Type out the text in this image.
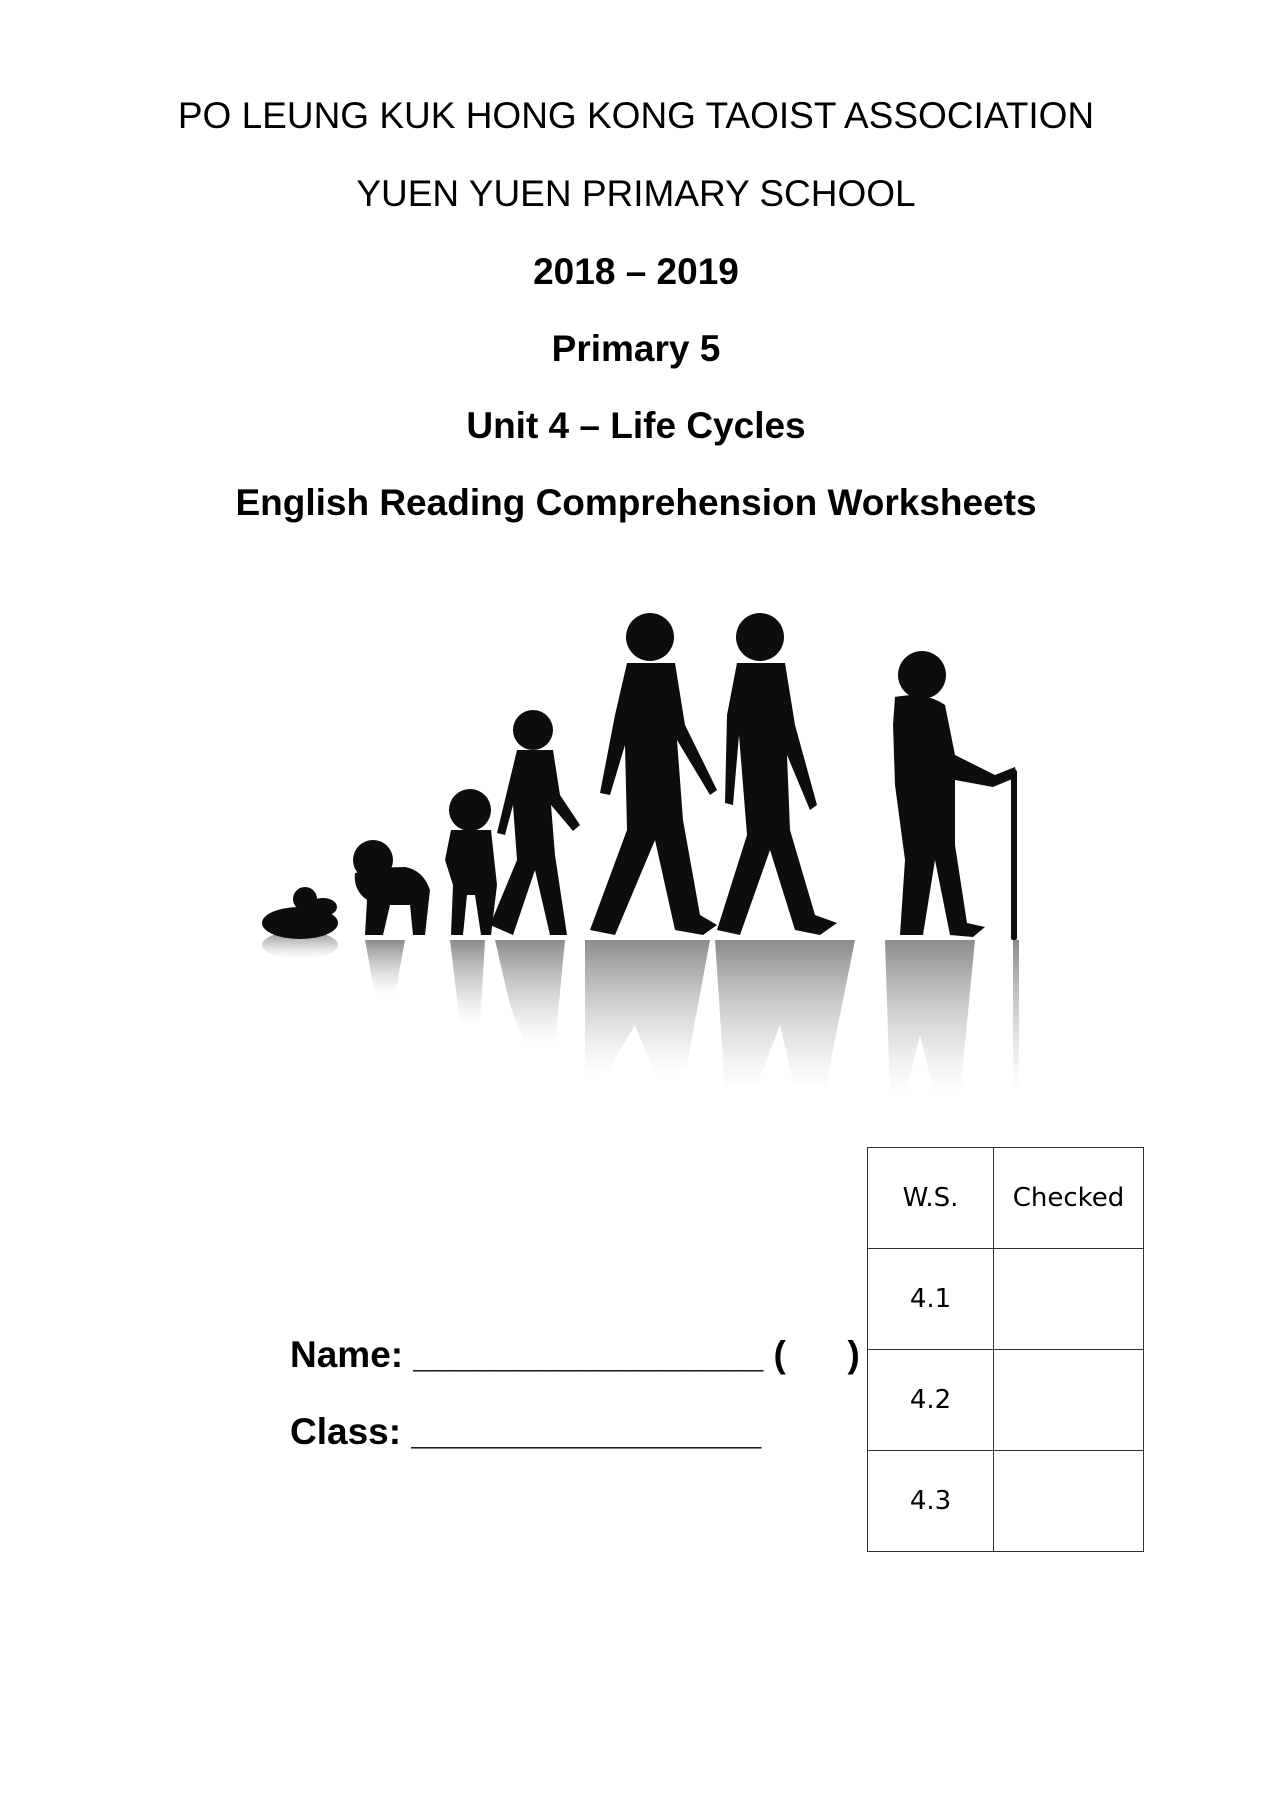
PO LEUNG KUK HONG KONG TAOIST ASSOCIATION
YUEN YUEN PRIMARY SCHOOL
2018 – 2019
Primary 5
Unit 4 – Life Cycles
English Reading Comprehension Worksheets
Name: _________________ (      )
Class: _________________
W.S.	Checked
4.1	
4.2	
4.3	
